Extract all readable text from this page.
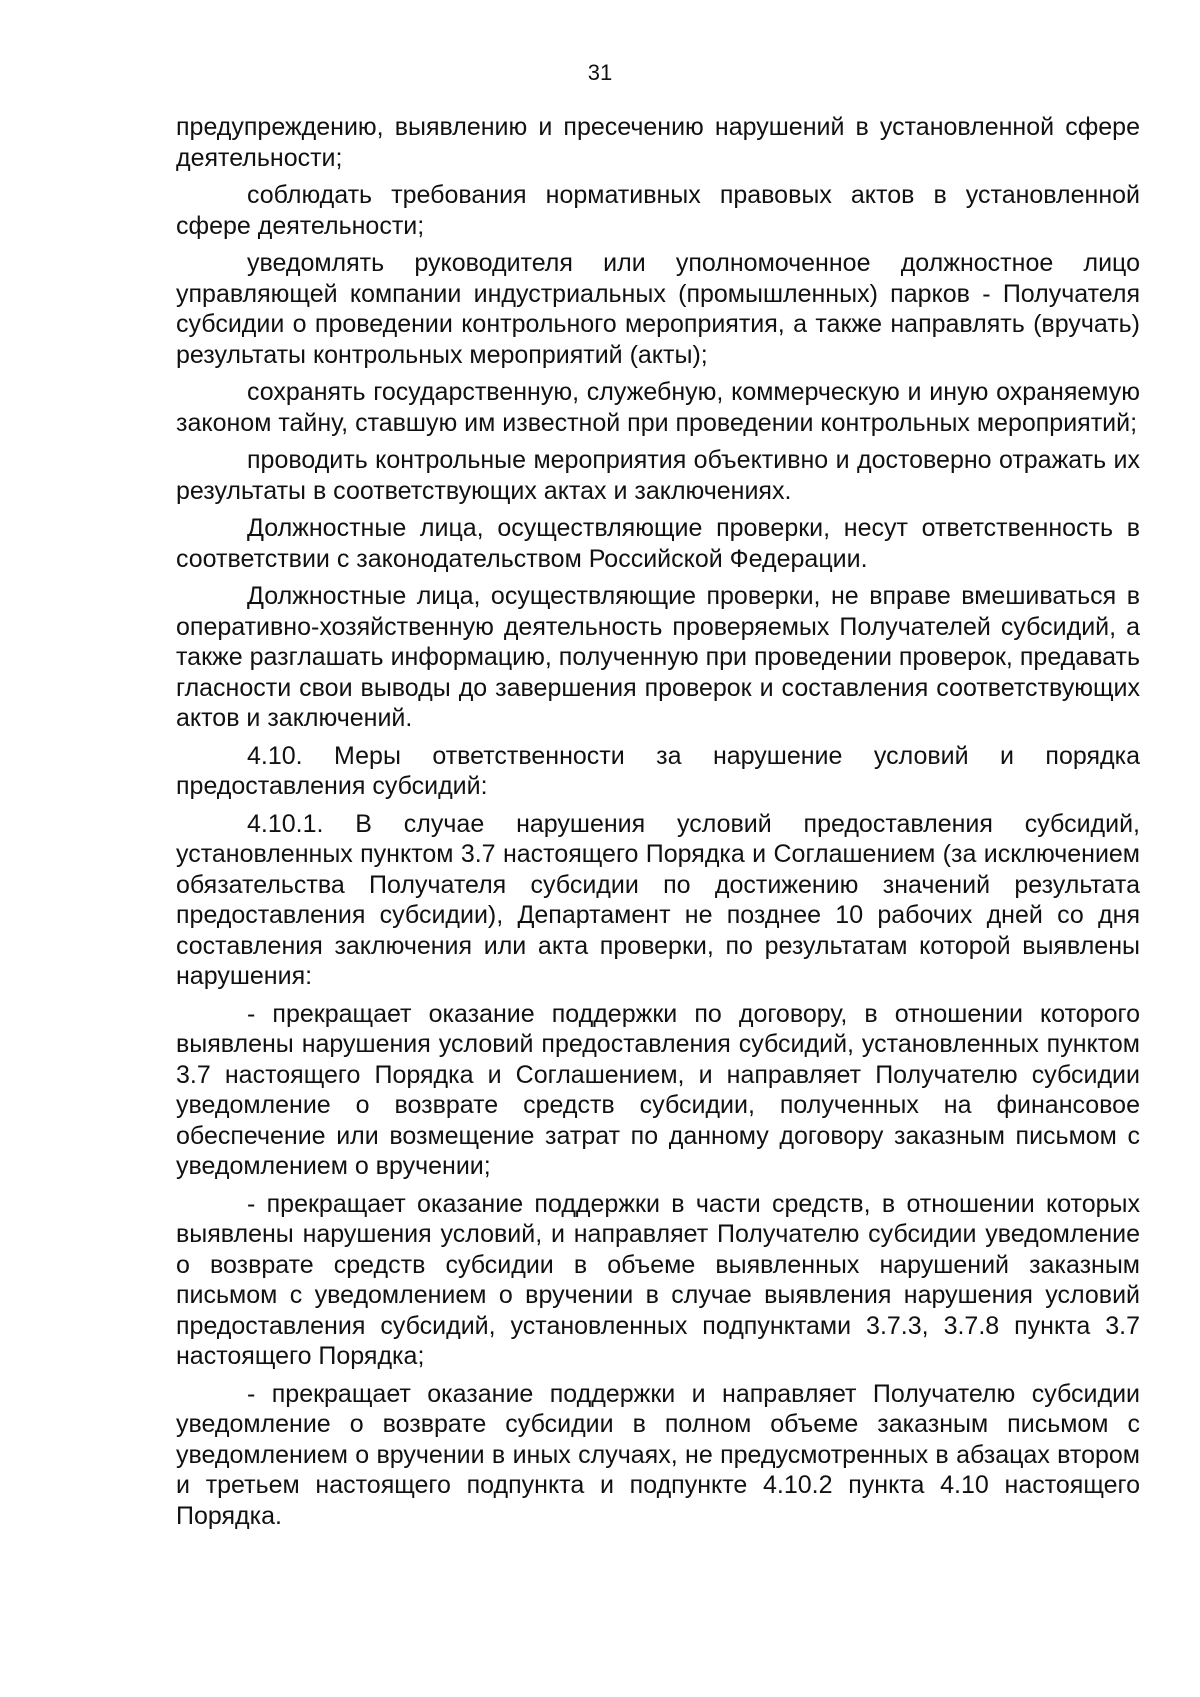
31

предупреждению, выявлению и пресечению нарушений в установленной сфере деятельности;

соблюдать требования нормативных правовых актов в установленной сфере деятельности;

уведомлять руководителя или уполномоченное должностное лицо управляющей компании индустриальных (промышленных) парков - Получателя субсидии о проведении контрольного мероприятия, а также направлять (вручать) результаты контрольных мероприятий (акты);

сохранять государственную, служебную, коммерческую и иную охраняемую законом тайну, ставшую им известной при проведении контрольных мероприятий;

проводить контрольные мероприятия объективно и достоверно отражать их результаты в соответствующих актах и заключениях.

Должностные лица, осуществляющие проверки, несут ответственность в соответствии с законодательством Российской Федерации.

Должностные лица, осуществляющие проверки, не вправе вмешиваться в оперативно-хозяйственную деятельность проверяемых Получателей субсидий, а также разглашать информацию, полученную при проведении проверок, предавать гласности свои выводы до завершения проверок и составления соответствующих актов и заключений.

4.10. Меры ответственности за нарушение условий и порядка предоставления субсидий:

4.10.1. В случае нарушения условий предоставления субсидий, установленных пунктом 3.7 настоящего Порядка и Соглашением (за исключением обязательства Получателя субсидии по достижению значений результата предоставления субсидии), Департамент не позднее 10 рабочих дней со дня составления заключения или акта проверки, по результатам которой выявлены нарушения:

- прекращает оказание поддержки по договору, в отношении которого выявлены нарушения условий предоставления субсидий, установленных пунктом 3.7 настоящего Порядка и Соглашением, и направляет Получателю субсидии уведомление о возврате средств субсидии, полученных на финансовое обеспечение или возмещение затрат по данному договору заказным письмом с уведомлением о вручении;

- прекращает оказание поддержки в части средств, в отношении которых выявлены нарушения условий, и направляет Получателю субсидии уведомление о возврате средств субсидии в объеме выявленных нарушений заказным письмом с уведомлением о вручении в случае выявления нарушения условий предоставления субсидий, установленных подпунктами 3.7.3, 3.7.8 пункта 3.7 настоящего Порядка;

- прекращает оказание поддержки и направляет Получателю субсидии уведомление о возврате субсидии в полном объеме заказным письмом с уведомлением о вручении в иных случаях, не предусмотренных в абзацах втором и третьем настоящего подпункта и подпункте 4.10.2 пункта 4.10 настоящего Порядка.
